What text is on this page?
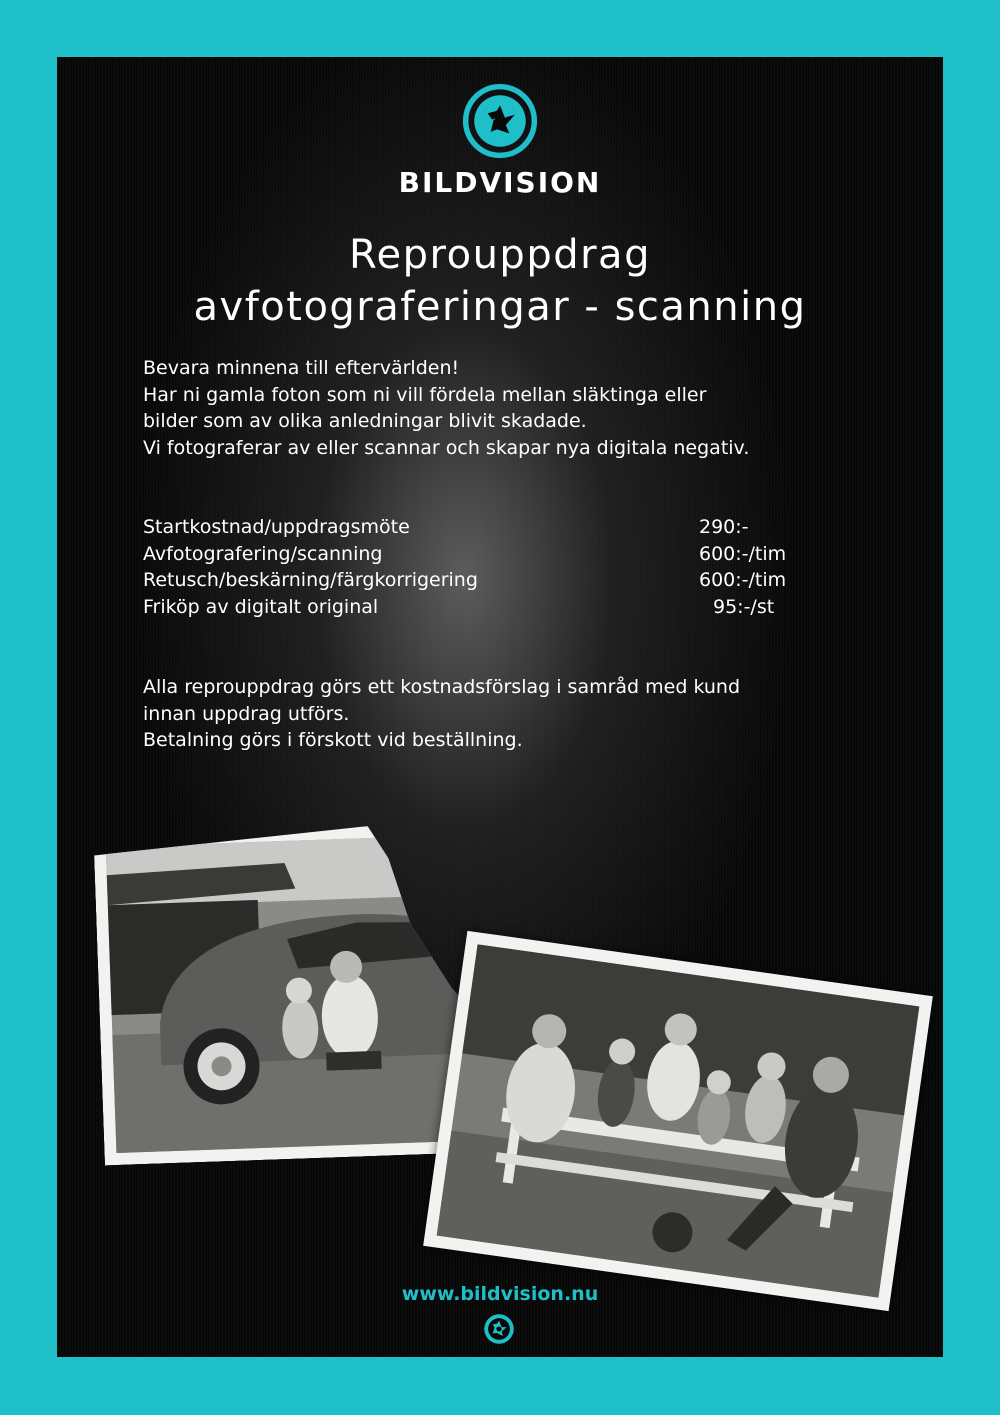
BILDVISION
Reprouppdrag
avfotograferingar - scanning
Bevara minnena till eftervärlden!
Har ni gamla foton som ni vill fördela mellan släktinga eller
bilder som av olika anledningar blivit skadade.
Vi fotograferar av eller scannar och skapar nya digitala negativ.
Startkostnad/uppdragsmöte	290:-
Avfotografering/scanning	600:-/tim
Retusch/beskärning/färgkorrigering	600:-/tim
Friköp av digitalt original	95:-/st
Alla reprouppdrag görs ett kostnadsförslag i samråd med kund
innan uppdrag utförs.
Betalning görs i förskott vid beställning.
www.bildvision.nu
